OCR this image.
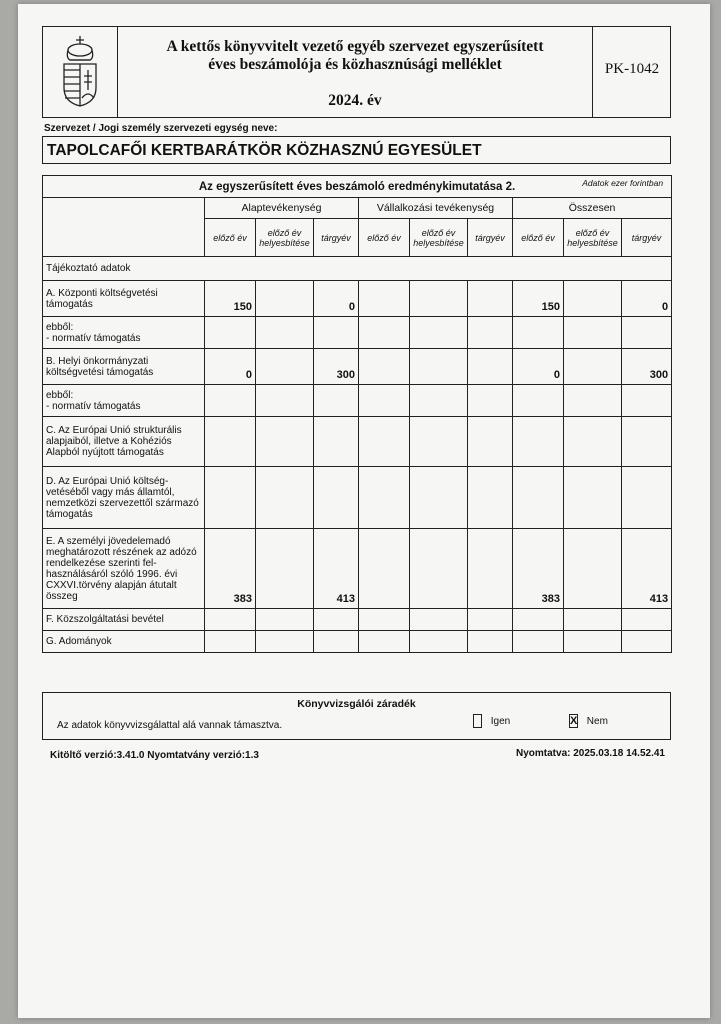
A kettős könyvvitelt vezető egyéb szervezet egyszerűsített
éves beszámolója és közhasznúsági melléklet
2024. év
PK-1042
Szervezet / Jogi személy szervezeti egység neve:
TAPOLCAFŐI KERTBARÁTKÖR KÖZHASZNÚ EGYESÜLET
Az egyszerűsített éves beszámoló eredménykimutatása 2. Adatok ezer forintban									

	Alaptevékenység			Vállalkozási tevékenység			Összesen		
	előző év	előző év helyesbítése	tárgyév	előző év	előző év helyesbítése	tárgyév	előző év	előző év helyesbítése	tárgyév
Tájékoztató adatok									
A. Központi költségvetési támogatás	150		0				150		0
ebből:
- normatív támogatás									
B. Helyi önkormányzati költségvetési támogatás	0		300				0		300
ebből:
- normatív támogatás									
C. Az Európai Unió strukturális alapjaiból, illetve a Kohéziós Alapból nyújtott támogatás									
D. Az Európai Unió költség-vetéséből vagy más államtól, nemzetközi szervezettől származó támogatás									
E. A személyi jövedelemadó meghatározott részének az adózó rendelkezése szerinti fel-használásáról szóló 1996. évi CXXVI.törvény alapján átutalt összeg	383		413				383		413
F. Közszolgáltatási bevétel									
G. Adományok									
Könyvvizsgálói záradék
Az adatok könyvvizsgálattal alá vannak támasztva.	Igen	X Nem
Kitöltő verzió:3.41.0 Nyomtatvány verzió:1.3	Nyomtatva: 2025.03.18 14.52.41
